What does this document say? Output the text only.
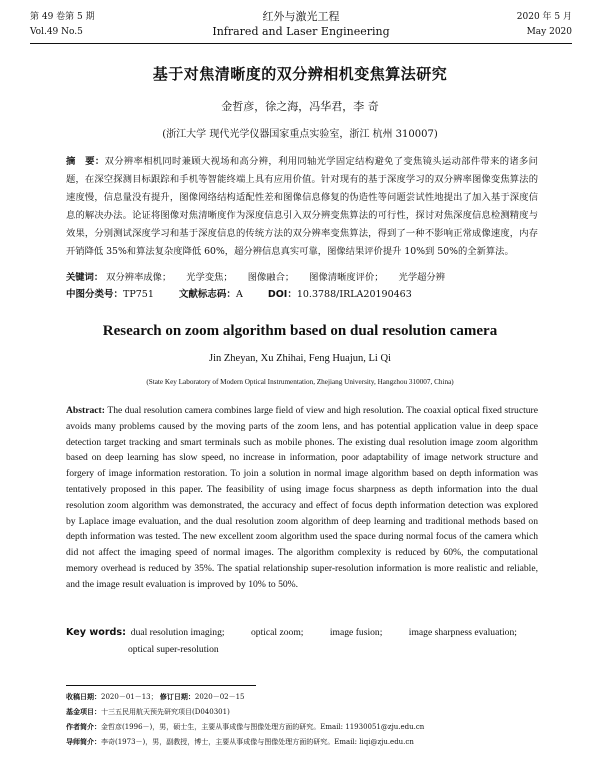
第 49 卷第 5 期	红外与激光工程	2020 年 5 月
Vol.49 No.5	Infrared and Laser Engineering	May 2020
基于对焦清晰度的双分辨相机变焦算法研究
金哲彦，徐之海，冯华君，李 奇
(浙江大学 现代光学仪器国家重点实验室，浙江 杭州 310007)
摘　要：双分辨率相机同时兼顾大视场和高分辨，利用同轴光学固定结构避免了变焦镜头运动部件带来的诸多问题，在深空探测目标跟踪和手机等智能终端上具有应用价值。针对现有的基于深度学习的双分辨率图像变焦算法的速度慢，信息量没有提升，图像网络结构适配性差和图像信息修复的伪造性等问题尝试性地提出了加入基于深度信息的解决办法。论证将图像对焦清晰度作为深度信息引入双分辨变焦算法的可行性，探讨对焦深度信息检测精度与效果，分别测试深度学习和基于深度信息的传统方法的双分辨率变焦算法，得到了一种不影响正常成像速度，内存开销降低 35%和算法复杂度降低 60%，超分辨信息真实可靠，图像结果评价提升 10%到 50%的全新算法。
关键词： 双分辨率成像； 光学变焦； 图像融合； 图像清晰度评价； 光学超分辨
中图分类号：TP751	文献标志码：A	DOI：10.3788/IRLA20190463
Research on zoom algorithm based on dual resolution camera
Jin Zheyan, Xu Zhihai, Feng Huajun, Li Qi
(State Key Laboratory of Modern Optical Instrumentation, Zhejiang University, Hangzhou 310007, China)
Abstract: The dual resolution camera combines large field of view and high resolution. The coaxial optical fixed structure avoids many problems caused by the moving parts of the zoom lens, and has potential application value in deep space detection target tracking and smart terminals such as mobile phones. The existing dual resolution image zoom algorithm based on deep learning has slow speed, no increase in information, poor adaptability of image network structure and forgery of image information restoration. To join a solution in normal image algorithm based on depth information was tentatively proposed in this paper. The feasibility of using image focus sharpness as depth information into the dual resolution zoom algorithm was demonstrated, the accuracy and effect of focus depth information detection was explored by Laplace image evaluation, and the dual resolution zoom algorithm of deep learning and traditional methods based on depth information was tested. The new excellent zoom algorithm used the space during normal focus of the camera which did not affect the imaging speed of normal images. The algorithm complexity is reduced by 60%, the computational memory overhead is reduced by 35%. The spatial relationship super-resolution information is more realistic and reliable, and the image result evaluation is improved by 10% to 50%.
Key words: dual resolution imaging;	optical zoom;	image fusion;	image sharpness evaluation;
optical super-resolution
收稿日期：2020－01－13； 修订日期：2020－02－15
基金项目：十三五民用航天预先研究项目(D040301)
作者简介：金哲彦(1996－)，男，硕士生，主要从事成像与图像处理方面的研究。Email: 11930051@zju.edu.cn
导师简介：李奇(1973－)，男，副教授，博士，主要从事成像与图像处理方面的研究。Email: liqi@zju.edu.cn
